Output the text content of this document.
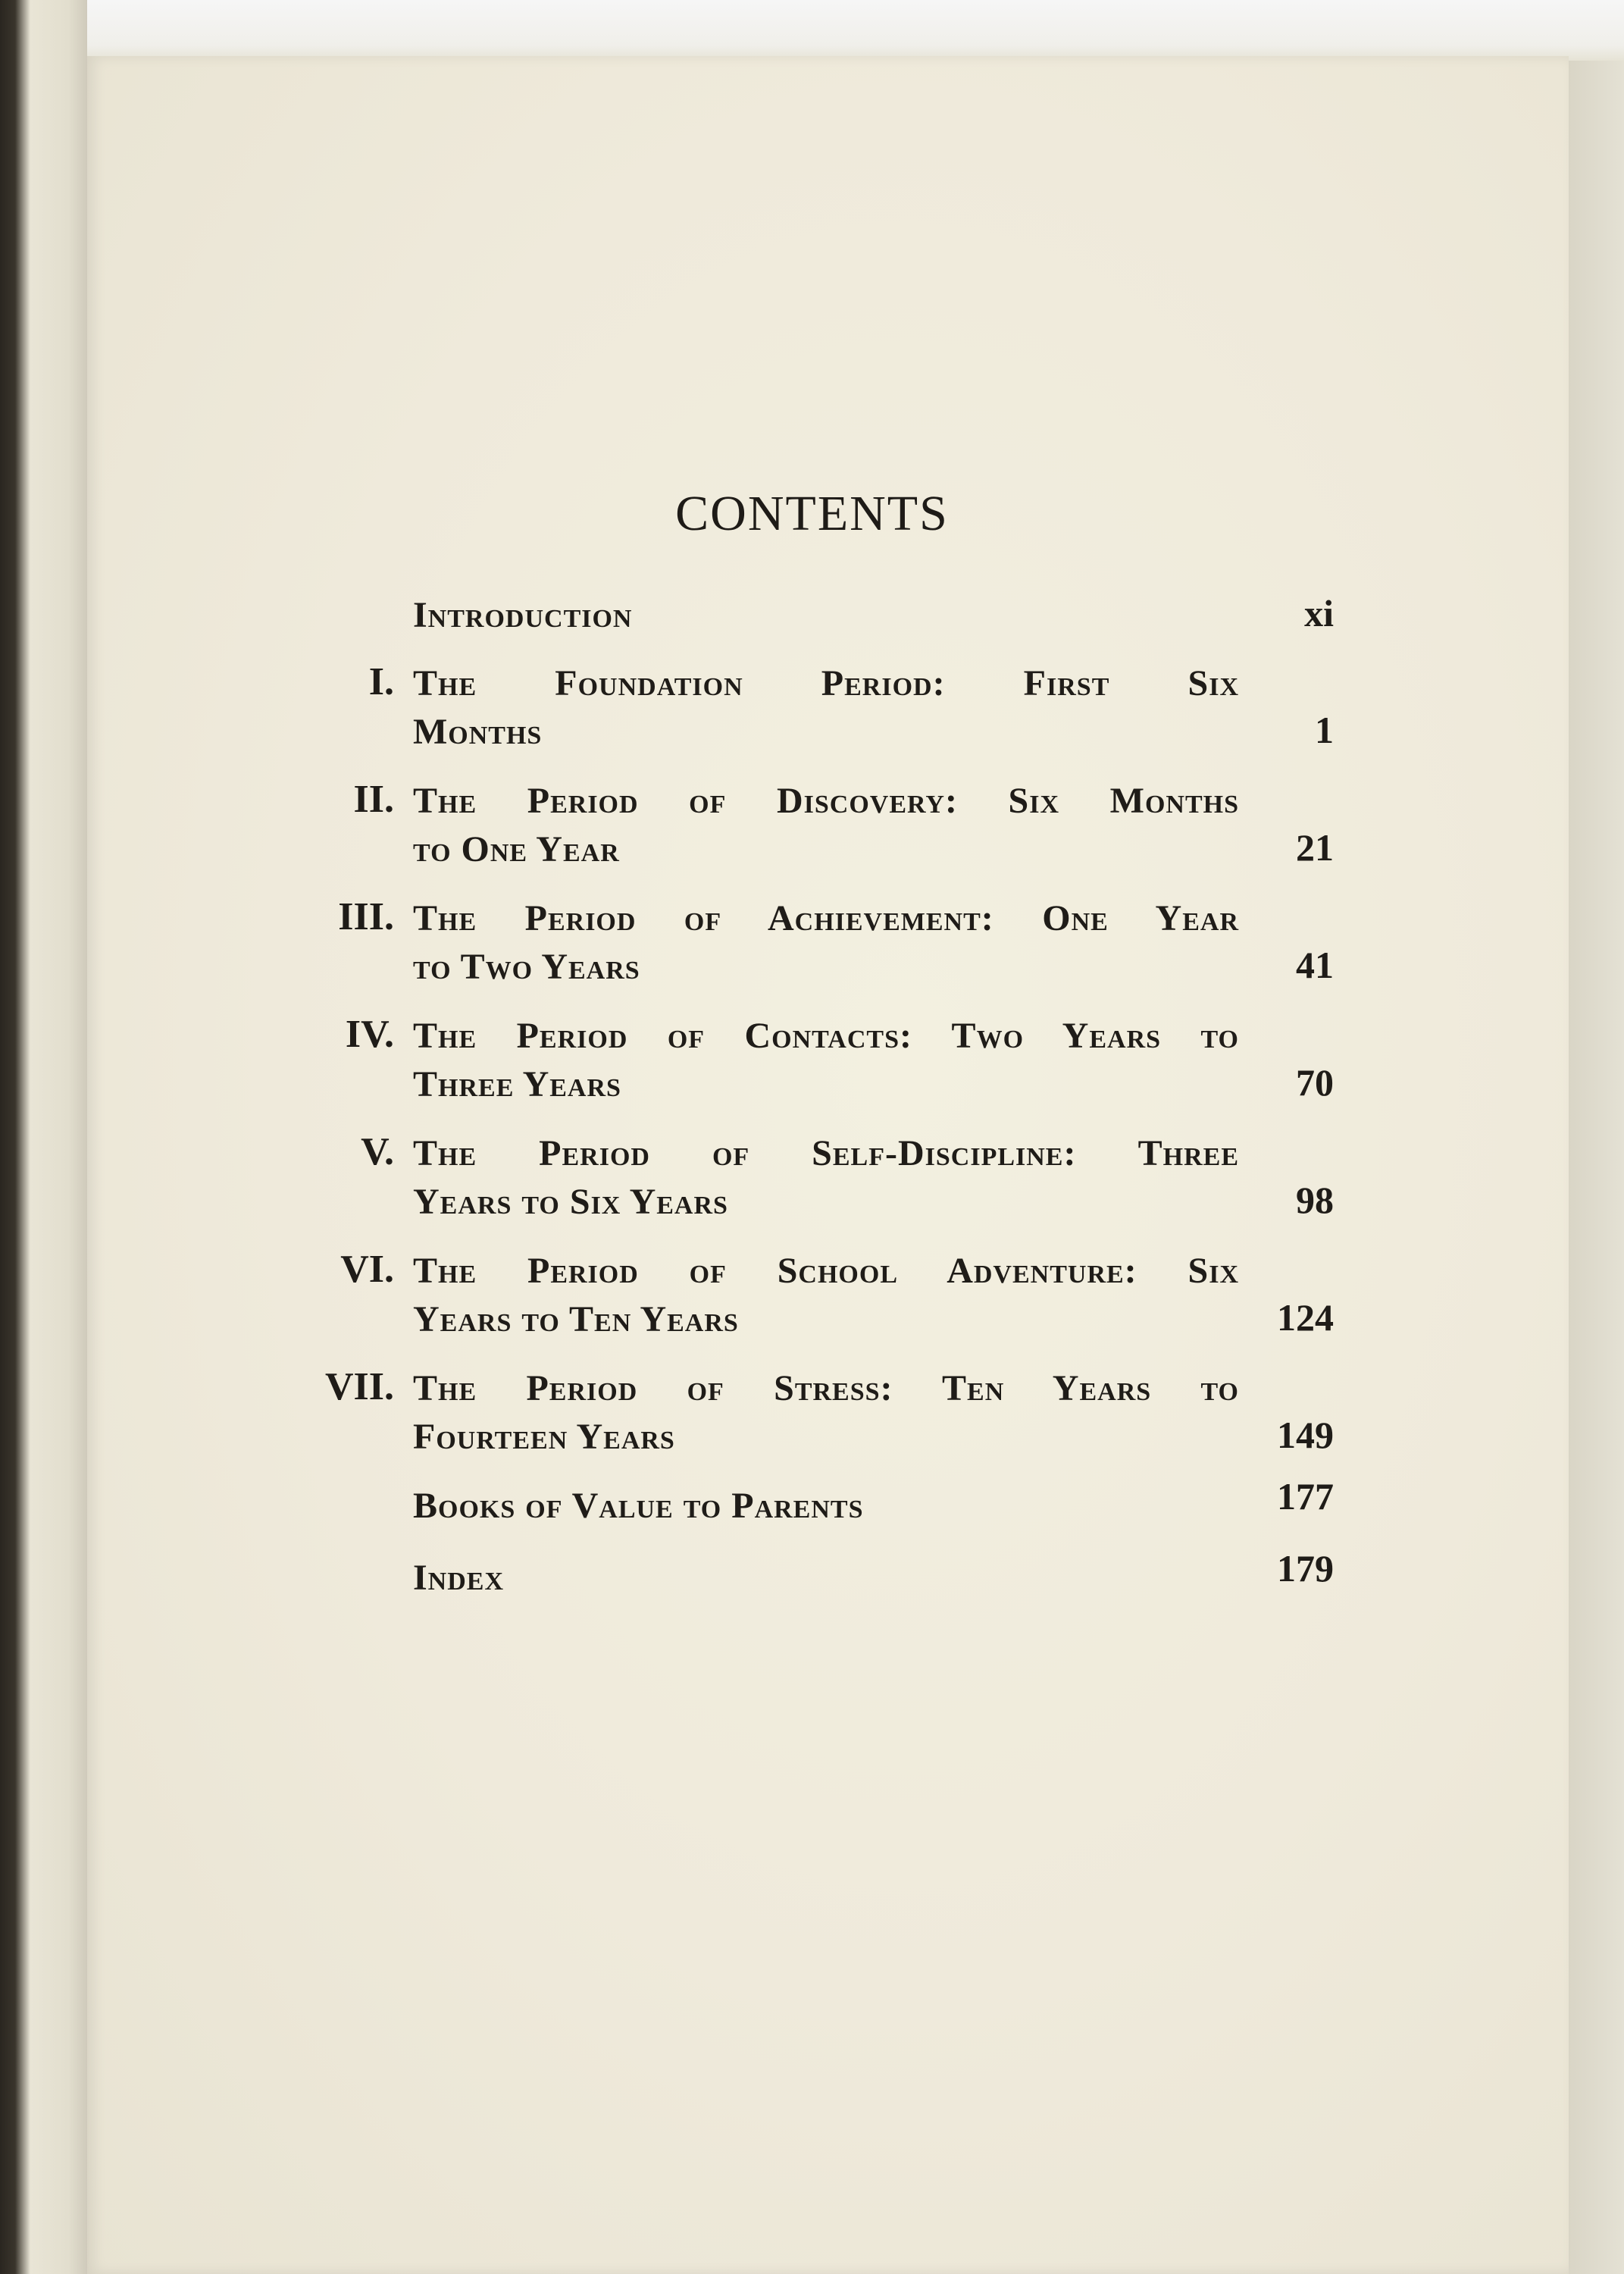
CONTENTS
Introduction	xi
I. The Foundation Period: First Six
Months	1
II. The Period of Discovery: Six Months
to One Year	21
III. The Period of Achievement: One Year
to Two Years	41
IV. The Period of Contacts: Two Years to
Three Years	70
V. The Period of Self-Discipline: Three
Years to Six Years	98
VI. The Period of School Adventure: Six
Years to Ten Years	124
VII. The Period of Stress: Ten Years to
Fourteen Years	149
Books of Value to Parents	177
Index	179
